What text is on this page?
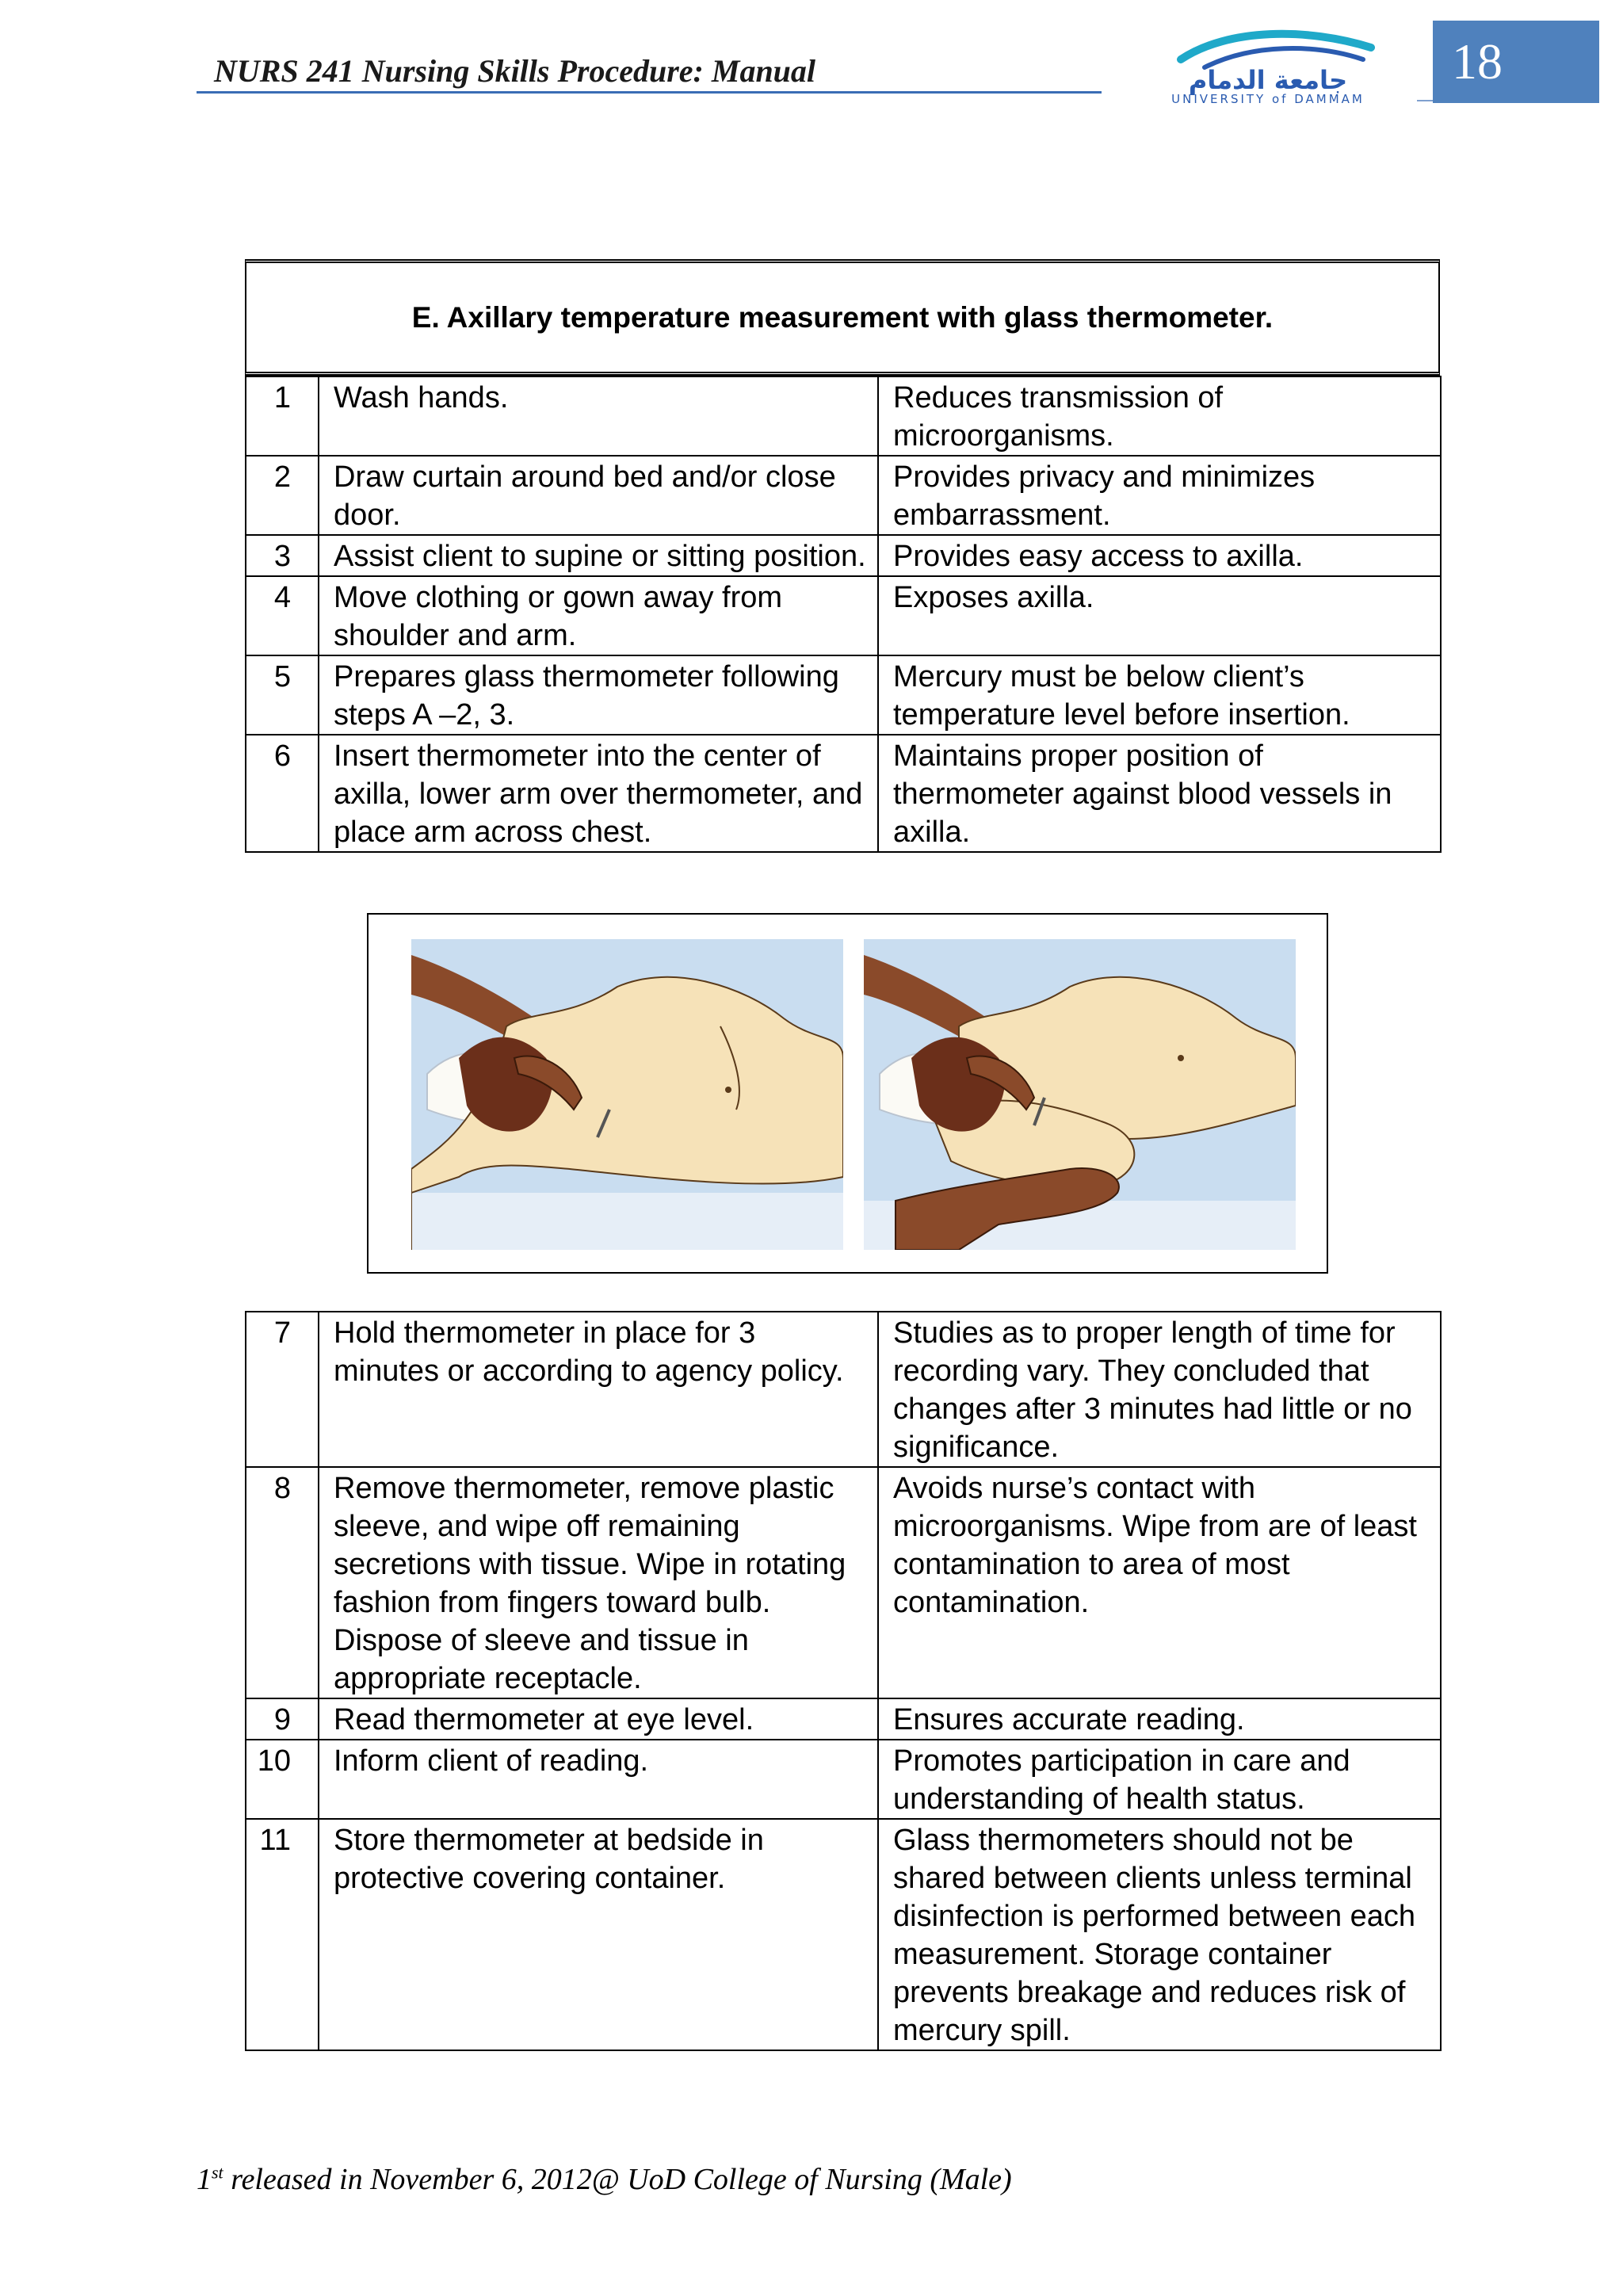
NURS 241 Nursing Skills Procedure: Manual	جامعة الدمام
UNIVERSITY of DAMMAM
18
E. Axillary temperature measurement with glass thermometer.
1	Wash hands.	Reduces transmission of microorganisms.
2	Draw curtain around bed and/or close door.	Provides privacy and minimizes embarrassment.
3	Assist client to supine or sitting position.	Provides easy access to axilla.
4	Move clothing or gown away from shoulder and arm.	Exposes axilla.
5	Prepares glass thermometer following steps A –2, 3.	Mercury must be below client’s temperature level before insertion.
6	Insert thermometer into the center of axilla, lower arm over thermometer, and place arm across chest.	Maintains proper position of thermometer against blood vessels in axilla.
7	Hold thermometer in place for 3 minutes or according to agency policy.	Studies as to proper length of time for recording vary. They concluded that changes after 3 minutes had little or no significance.
8	Remove thermometer, remove plastic sleeve, and wipe off remaining secretions with tissue. Wipe in rotating fashion from fingers toward bulb. Dispose of sleeve and tissue in appropriate receptacle.	Avoids nurse’s contact with microorganisms. Wipe from are of least contamination to area of most contamination.
9	Read thermometer at eye level.	Ensures accurate reading.
10	Inform client of reading.	Promotes participation in care and understanding of health status.
11	Store thermometer at bedside in protective covering container.	Glass thermometers should not be shared between clients unless terminal disinfection is performed between each measurement. Storage container prevents breakage and reduces risk of mercury spill.
1st released in November 6, 2012@ UoD College of Nursing (Male)
